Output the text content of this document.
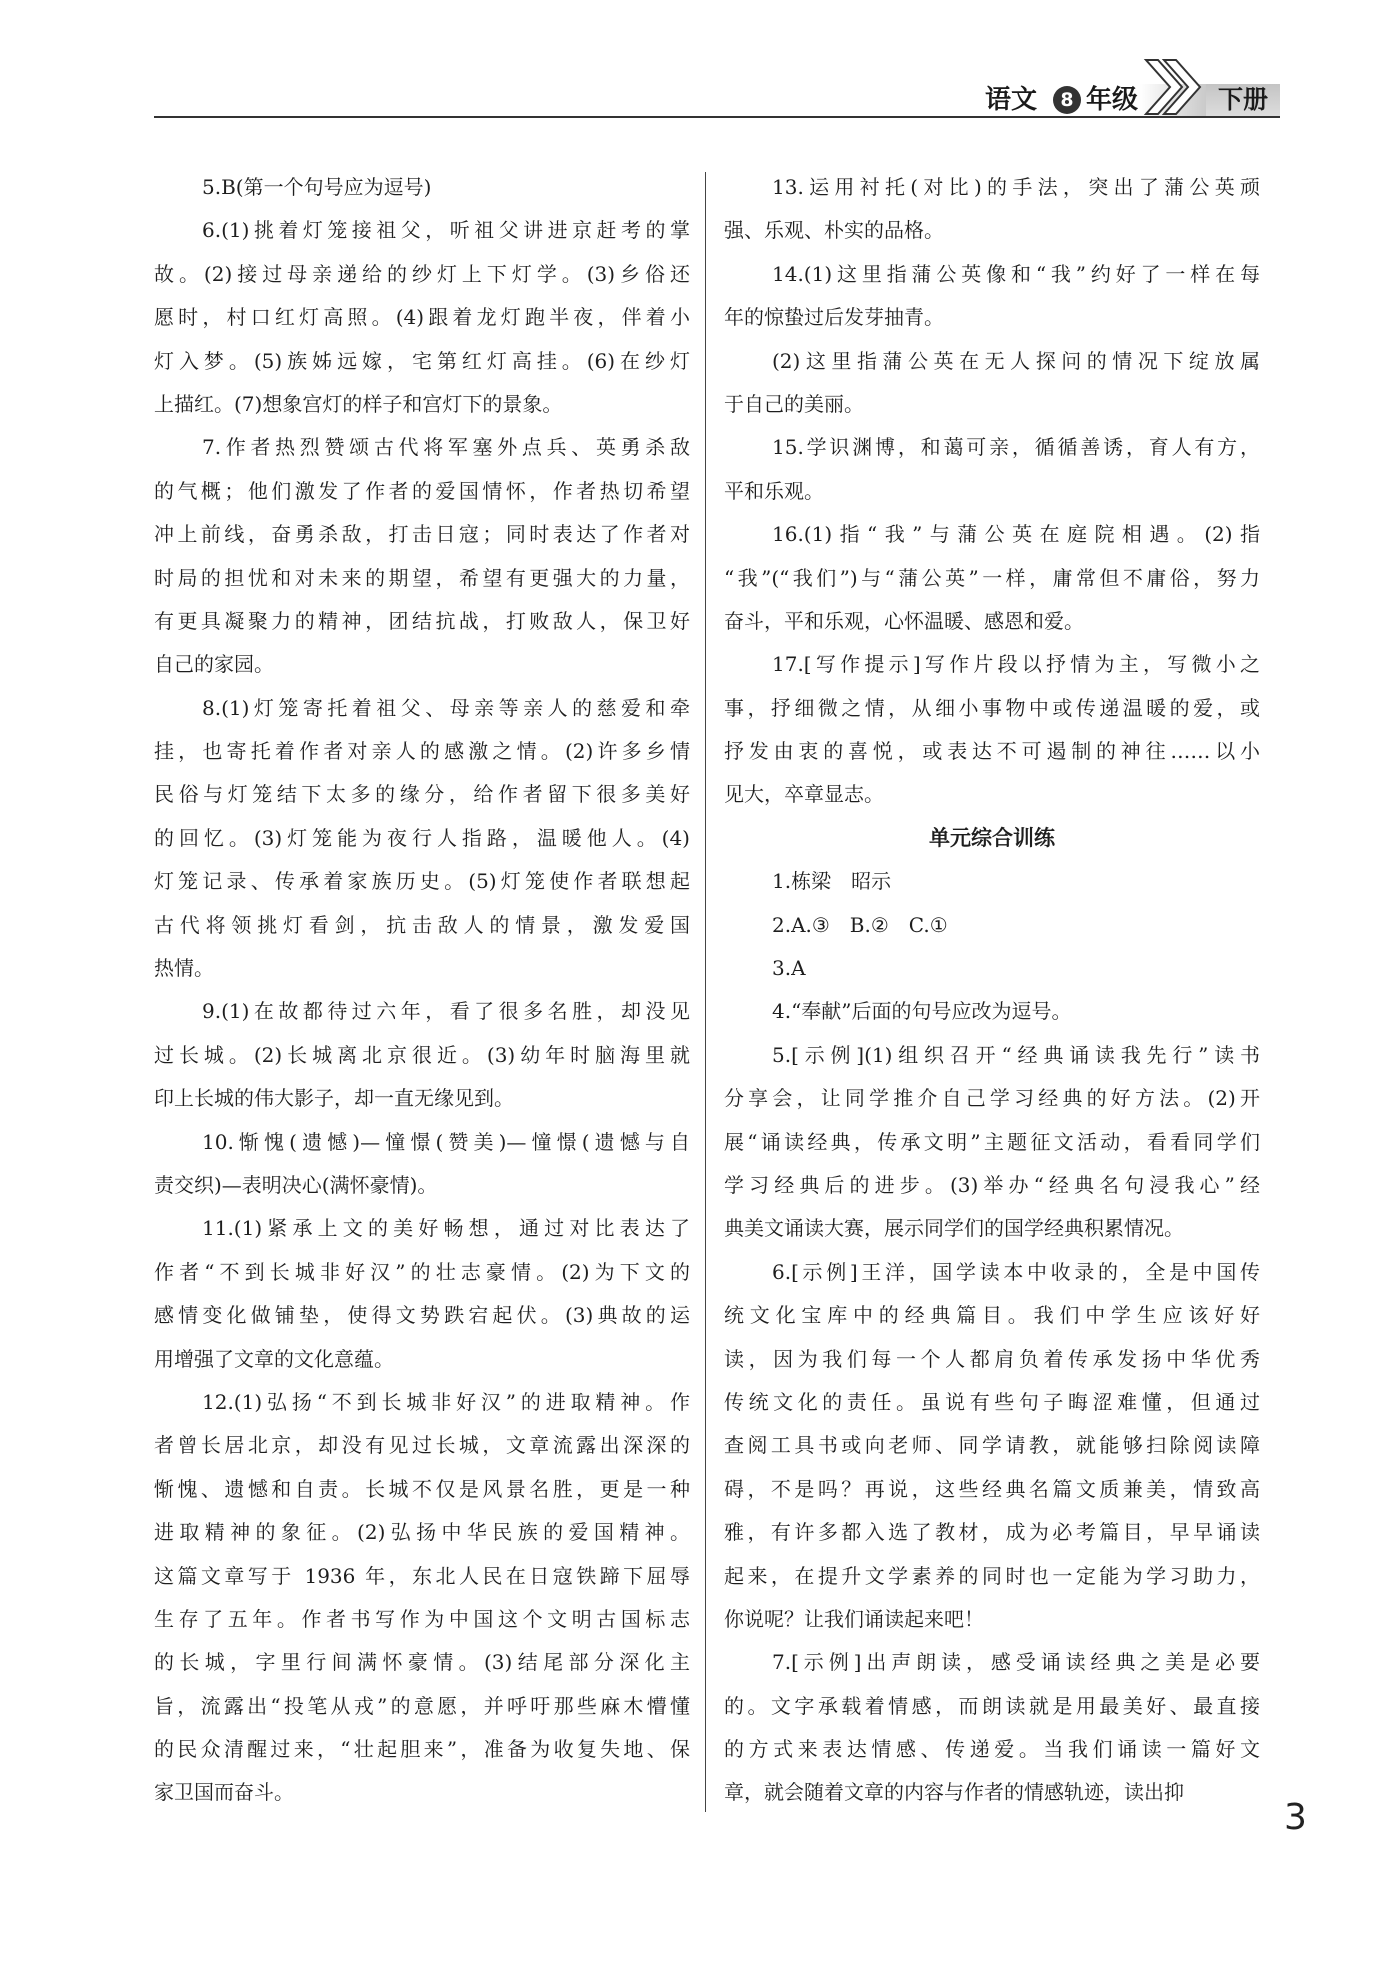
语文	8 年级	下册
5.B(第一个句号应为逗号)
6.(1)挑着灯笼接祖父，听祖父讲进京赶考的掌
故。(2)接过母亲递给的纱灯上下灯学。(3)乡俗还
愿时，村口红灯高照。(4)跟着龙灯跑半夜，伴着小
灯入梦。(5)族姊远嫁，宅第红灯高挂。(6)在纱灯
上描红。(7)想象宫灯的样子和宫灯下的景象。
7.作者热烈赞颂古代将军塞外点兵、英勇杀敌
的气概；他们激发了作者的爱国情怀，作者热切希望
冲上前线，奋勇杀敌，打击日寇；同时表达了作者对
时局的担忧和对未来的期望，希望有更强大的力量，
有更具凝聚力的精神，团结抗战，打败敌人，保卫好
自己的家园。
8.(1)灯笼寄托着祖父、母亲等亲人的慈爱和牵
挂，也寄托着作者对亲人的感激之情。(2)许多乡情
民俗与灯笼结下太多的缘分，给作者留下很多美好
的回忆。(3)灯笼能为夜行人指路，温暖他人。(4)
灯笼记录、传承着家族历史。(5)灯笼使作者联想起
古代将领挑灯看剑，抗击敌人的情景，激发爱国
热情。
9.(1)在故都待过六年，看了很多名胜，却没见
过长城。(2)长城离北京很近。(3)幼年时脑海里就
印上长城的伟大影子，却一直无缘见到。
10.惭愧(遗憾)—憧憬(赞美)—憧憬(遗憾与自
责交织)—表明决心(满怀豪情)。
11.(1)紧承上文的美好畅想，通过对比表达了
作者“不到长城非好汉”的壮志豪情。(2)为下文的
感情变化做铺垫，使得文势跌宕起伏。(3)典故的运
用增强了文章的文化意蕴。
12.(1)弘扬“不到长城非好汉”的进取精神。作
者曾长居北京，却没有见过长城，文章流露出深深的
惭愧、遗憾和自责。长城不仅是风景名胜，更是一种
进取精神的象征。(2)弘扬中华民族的爱国精神。
这篇文章写于 1936 年，东北人民在日寇铁蹄下屈辱
生存了五年。作者书写作为中国这个文明古国标志
的长城，字里行间满怀豪情。(3)结尾部分深化主
旨，流露出“投笔从戎”的意愿，并呼吁那些麻木懵懂
的民众清醒过来，“壮起胆来”，准备为收复失地、保
家卫国而奋斗。
13.运用衬托(对比)的手法，突出了蒲公英顽
强、乐观、朴实的品格。
14.(1)这里指蒲公英像和“我”约好了一样在每
年的惊蛰过后发芽抽青。
(2)这里指蒲公英在无人探问的情况下绽放属
于自己的美丽。
15.学识渊博，和蔼可亲，循循善诱，育人有方，
平和乐观。
16.(1)指“我”与蒲公英在庭院相遇。(2)指
“我”(“我们”)与“蒲公英”一样，庸常但不庸俗，努力
奋斗，平和乐观，心怀温暖、感恩和爱。
17.[写作提示]写作片段以抒情为主，写微小之
事，抒细微之情，从细小事物中或传递温暖的爱，或
抒发由衷的喜悦，或表达不可遏制的神往……以小
见大，卒章显志。
单元综合训练
1.栋梁　昭示
2.A.③　B.②　C.①
3.A
4.“奉献”后面的句号应改为逗号。
5.[示例](1)组织召开“经典诵读我先行”读书
分享会，让同学推介自己学习经典的好方法。(2)开
展“诵读经典，传承文明”主题征文活动，看看同学们
学习经典后的进步。(3)举办“经典名句浸我心”经
典美文诵读大赛，展示同学们的国学经典积累情况。
6.[示例]王洋，国学读本中收录的，全是中国传
统文化宝库中的经典篇目。我们中学生应该好好
读，因为我们每一个人都肩负着传承发扬中华优秀
传统文化的责任。虽说有些句子晦涩难懂，但通过
查阅工具书或向老师、同学请教，就能够扫除阅读障
碍，不是吗？再说，这些经典名篇文质兼美，情致高
雅，有许多都入选了教材，成为必考篇目，早早诵读
起来，在提升文学素养的同时也一定能为学习助力，
你说呢？让我们诵读起来吧！
7.[示例]出声朗读，感受诵读经典之美是必要
的。文字承载着情感，而朗读就是用最美好、最直接
的方式来表达情感、传递爱。当我们诵读一篇好文
章，就会随着文章的内容与作者的情感轨迹，读出抑
3
